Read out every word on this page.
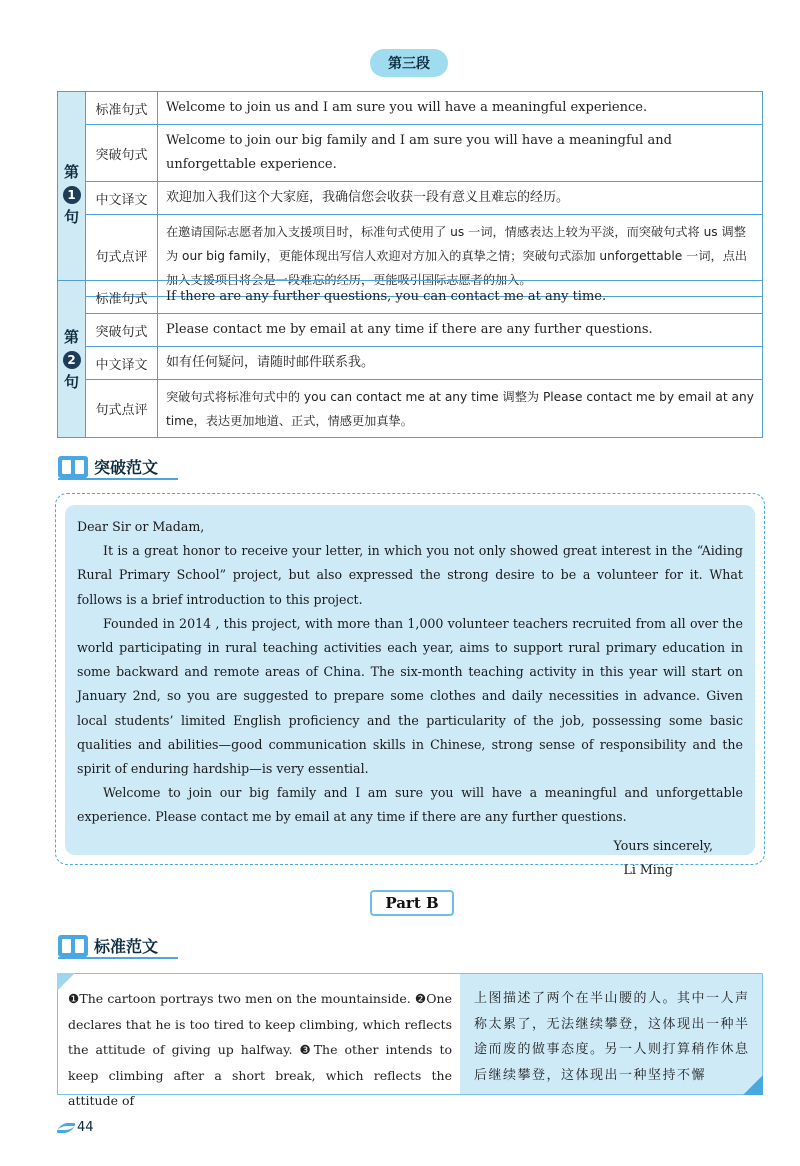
第三段
第
1
句	标准句式	Welcome to join us and I am sure you will have a meaningful experience.
	突破句式	Welcome to join our big family and I am sure you will have a meaningful and unforgettable experience.
	中文译文	欢迎加入我们这个大家庭，我确信您会收获一段有意义且难忘的经历。
	句式点评	在邀请国际志愿者加入支援项目时，标准句式使用了 us 一词，情感表达上较为平淡，而突破句式将 us 调整为 our big family，更能体现出写信人欢迎对方加入的真挚之情；突破句式添加 unforgettable 一词，点出加入支援项目将会是一段难忘的经历，更能吸引国际志愿者的加入。
第
2
句	标准句式	If there are any further questions, you can contact me at any time.
	突破句式	Please contact me by email at any time if there are any further questions.
	中文译文	如有任何疑问，请随时邮件联系我。
	句式点评	突破句式将标准句式中的 you can contact me at any time 调整为 Please contact me by email at any time，表达更加地道、正式，情感更加真挚。
突破范文

Dear Sir or Madam,

It is a great honor to receive your letter, in which you not only showed great interest in the “Aiding Rural Primary School” project, but also expressed the strong desire to be a volunteer for it. What follows is a brief introduction to this project.

Founded in 2014 , this project, with more than 1,000 volunteer teachers recruited from all over the world participating in rural teaching activities each year, aims to support rural primary education in some backward and remote areas of China. The six-month teaching activity in this year will start on January 2nd, so you are suggested to prepare some clothes and daily necessities in advance. Given local students’ limited English proficiency and the particularity of the job, possessing some basic qualities and abilities—good communication skills in Chinese, strong sense of responsibility and the spirit of enduring hardship—is very essential.

Welcome to join our big family and I am sure you will have a meaningful and unforgettable experience. Please contact me by email at any time if there are any further questions.

Yours sincerely,

Li Ming

Part B
标准范文
❶The cartoon portrays two men on the mountainside. ❷One declares that he is too tired to keep climbing, which reflects the attitude of giving up halfway. ❸The other intends to keep climbing after a short break, which reflects the attitude of
上图描述了两个在半山腰的人。其中一人声称太累了，无法继续攀登，这体现出一种半途而废的做事态度。另一人则打算稍作休息后继续攀登，这体现出一种坚持不懈
44
